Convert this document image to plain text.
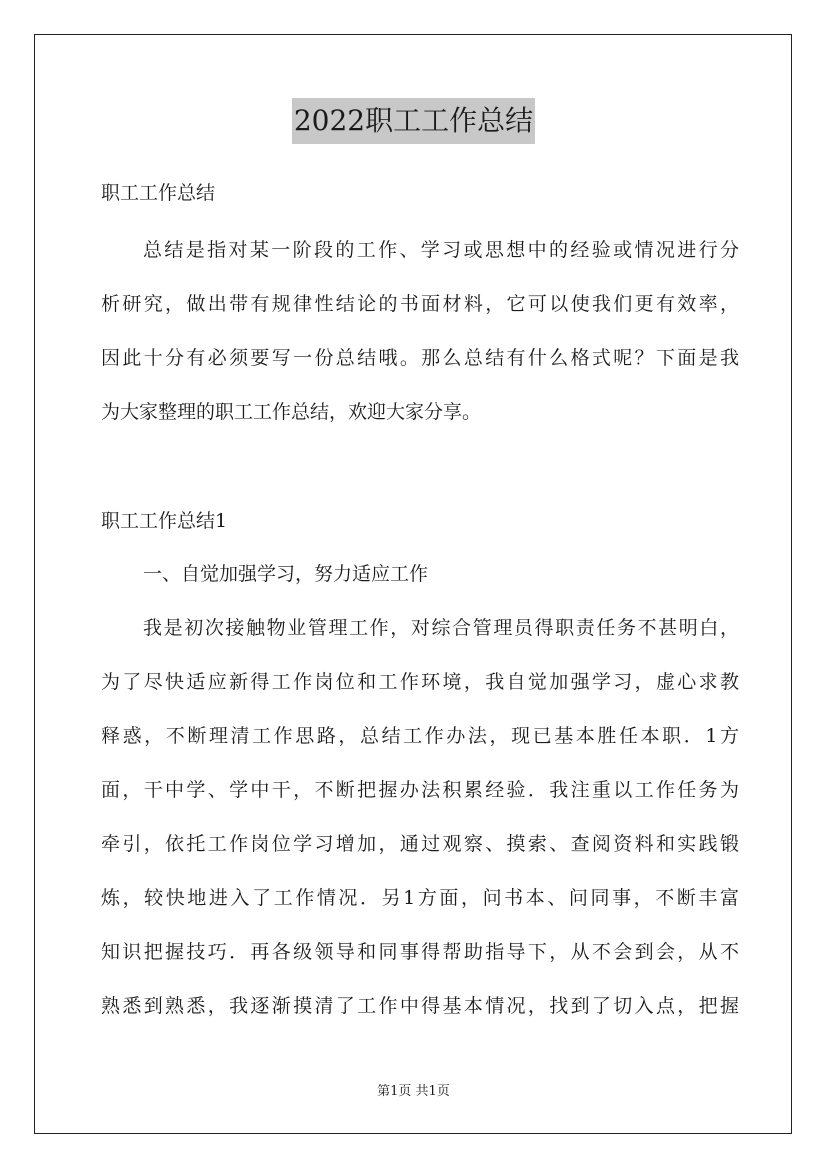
2022职工工作总结
职工工作总结
总结是指对某一阶段的工作、学习或思想中的经验或情况进行分
析研究，做出带有规律性结论的书面材料，它可以使我们更有效率，
因此十分有必须要写一份总结哦。那么总结有什么格式呢？下面是我
为大家整理的职工工作总结，欢迎大家分享。
职工工作总结1
一、自觉加强学习，努力适应工作
我是初次接触物业管理工作，对综合管理员得职责任务不甚明白，
为了尽快适应新得工作岗位和工作环境，我自觉加强学习，虚心求教
释惑，不断理清工作思路，总结工作办法，现已基本胜任本职．1方
面，干中学、学中干，不断把握办法积累经验．我注重以工作任务为
牵引，依托工作岗位学习增加，通过观察、摸索、查阅资料和实践锻
炼，较快地进入了工作情况．另1方面，问书本、问同事，不断丰富
知识把握技巧．再各级领导和同事得帮助指导下，从不会到会，从不
熟悉到熟悉，我逐渐摸清了工作中得基本情况，找到了切入点，把握
第1页 共1页
